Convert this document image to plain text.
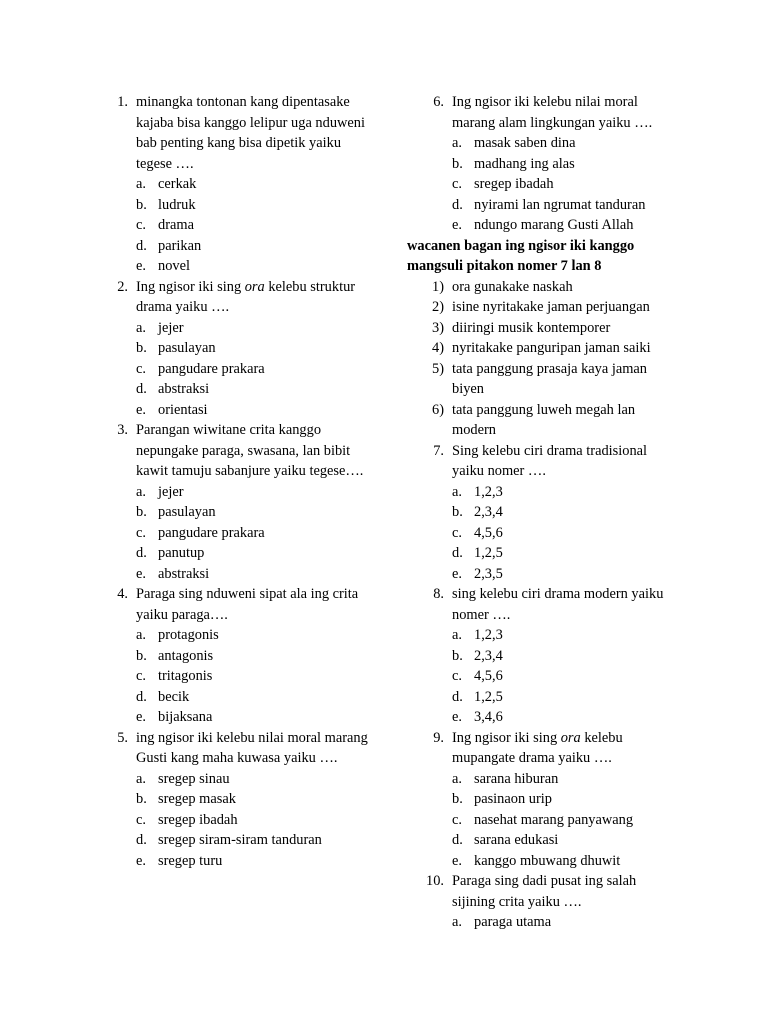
1. minangka tontonan kang dipentasake kajaba bisa kanggo lelipur uga nduweni bab penting kang bisa dipetik yaiku tegese ….
a. cerkak
b. ludruk
c. drama
d. parikan
e. novel
2. Ing ngisor iki sing ora kelebu struktur drama yaiku ….
a. jejer
b. pasulayan
c. pangudare prakara
d. abstraksi
e. orientasi
3. Parangan wiwitane crita kanggo nepungake paraga, swasana, lan bibit kawit tamuju sabanjure yaiku tegese….
a. jejer
b. pasulayan
c. pangudare prakara
d. panutup
e. abstraksi
4. Paraga sing nduweni sipat ala ing crita yaiku paraga….
a. protagonis
b. antagonis
c. tritagonis
d. becik
e. bijaksana
5. ing ngisor iki kelebu nilai moral marang Gusti kang maha kuwasa yaiku ….
a. sregep sinau
b. sregep masak
c. sregep ibadah
d. sregep siram-siram tanduran
e. sregep turu
6. Ing ngisor iki kelebu nilai moral marang alam lingkungan yaiku ….
a. masak saben dina
b. madhang ing alas
c. sregep ibadah
d. nyirami lan ngrumat tanduran
e. ndungo marang Gusti Allah
wacanen bagan ing ngisor iki kanggo mangsuli pitakon nomer 7 lan 8
1) ora gunakake naskah
2) isine nyritakake jaman perjuangan
3) diiringi musik kontemporer
4) nyritakake panguripan jaman saiki
5) tata panggung prasaja kaya jaman biyen
6) tata panggung luweh megah lan modern
7. Sing kelebu ciri drama tradisional yaiku nomer ….
a. 1,2,3
b. 2,3,4
c. 4,5,6
d. 1,2,5
e. 2,3,5
8. sing kelebu ciri drama modern yaiku nomer ….
a. 1,2,3
b. 2,3,4
c. 4,5,6
d. 1,2,5
e. 3,4,6
9. Ing ngisor iki sing ora kelebu mupangate drama yaiku ….
a. sarana hiburan
b. pasinaon urip
c. nasehat marang panyawang
d. sarana edukasi
e. kanggo mbuwang dhuwit
10. Paraga sing dadi pusat ing salah sijining crita yaiku ….
a. paraga utama
